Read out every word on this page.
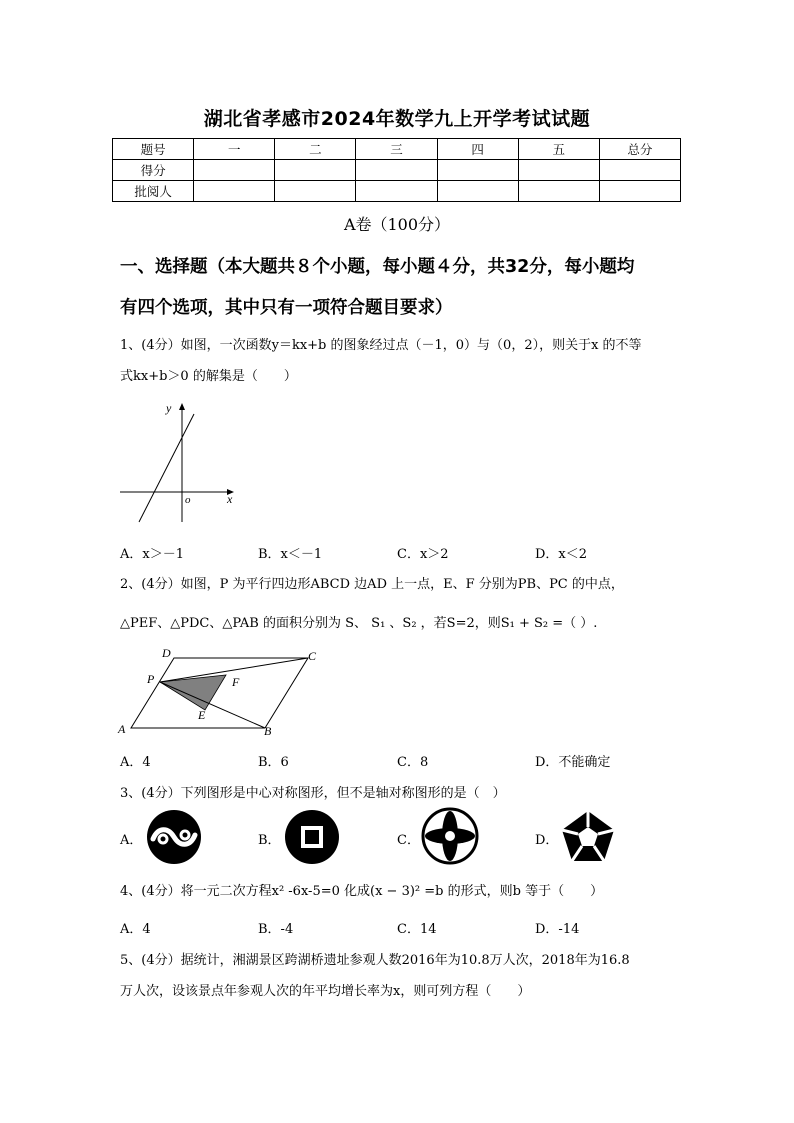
湖北省孝感市2024年数学九上开学考试试题
题号	一	二	三	四	五	总分
得分						
批阅人						
A卷（100分）
一、选择题（本大题共８个小题，每小题４分，共32分，每小题均
有四个选项，其中只有一项符合题目要求）
1、(4分）如图，一次函数y＝kx+b 的图象经过点（－1，0）与（0，2），则关于x 的不等
式kx+b＞0 的解集是（　　）
y
x
o
A．x＞－1	B．x＜－1	C．x＞2	D．x＜2
2、(4分）如图，P 为平行四边形ABCD 边AD 上一点，E、F 分别为PB、PC 的中点，
△PEF、△PDC、△PAB 的面积分别为 S、 S₁ 、S₂ ，若S=2，则S₁ + S₂ =（ ）.
A	B
C
D
P
E
F
A．4	B．6	C．8	D．不能确定
3、(4分）下列图形是中心对称图形，但不是轴对称图形的是（　）
A．	B．	C．	D．
4、(4分）将一元二次方程x² -6x-5=0 化成(x − 3)² =b 的形式，则b 等于（　　）
A．4	B．-4	C．14	D．-14
5、(4分）据统计，湘湖景区跨湖桥遗址参观人数2016年为10.8万人次，2018年为16.8
万人次，设该景点年参观人次的年平均增长率为x，则可列方程（　　）
